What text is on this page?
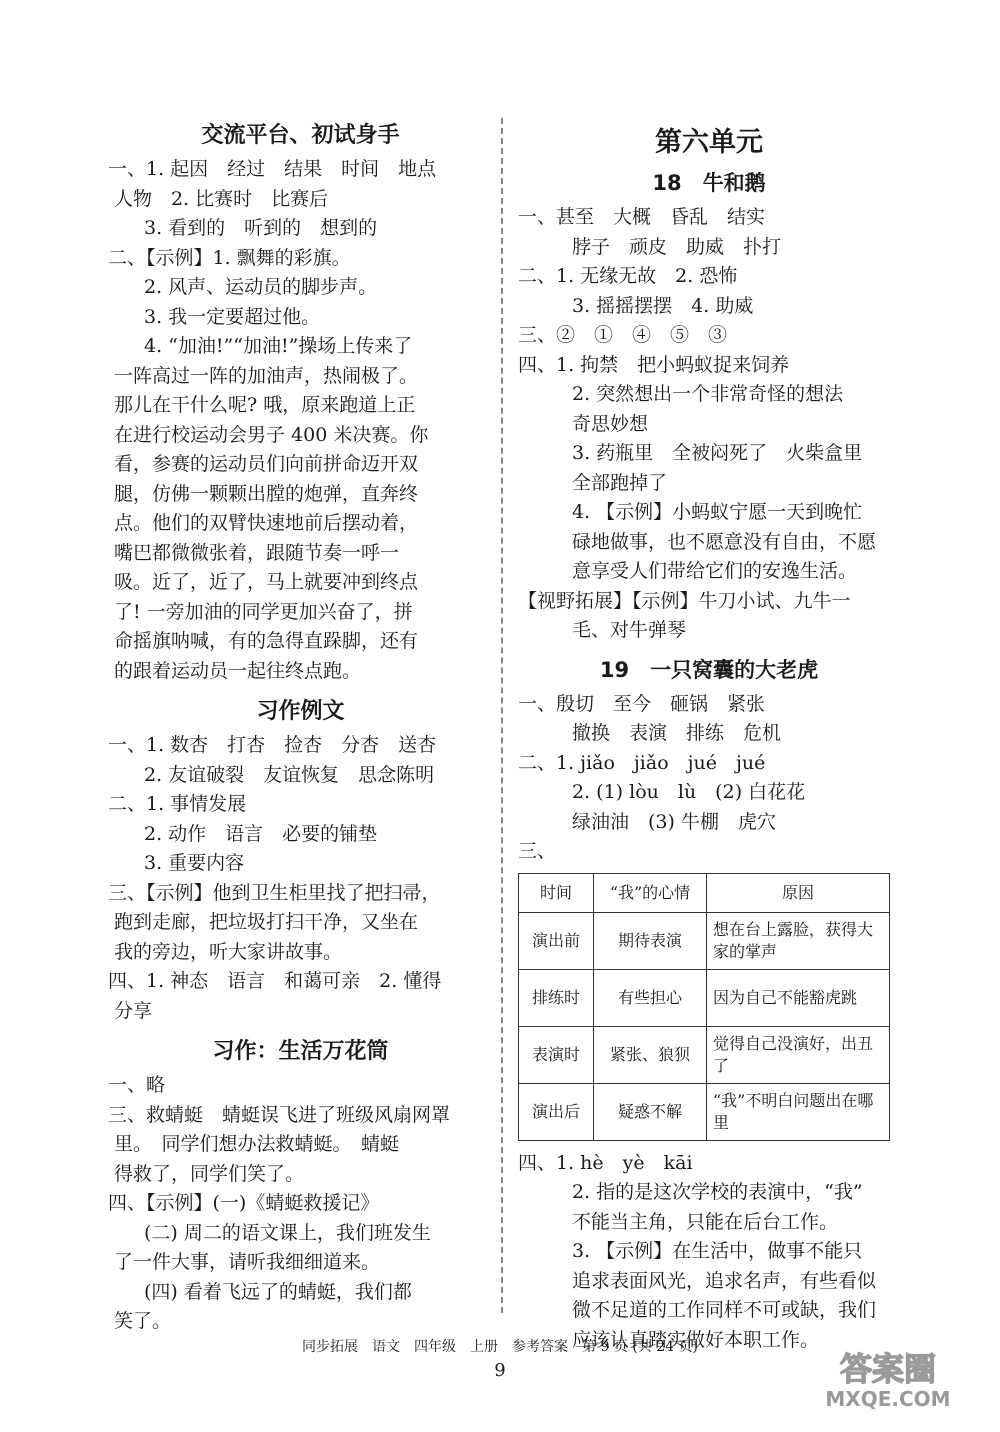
交流平台、初试身手
一、1. 起因　经过　结果　时间　地点
人物　2. 比赛时　比赛后
3. 看到的　听到的　想到的
二、【示例】1. 飘舞的彩旗。
2. 风声、运动员的脚步声。
3. 我一定要超过他。
4. “加油!”“加油!”操场上传来了
一阵高过一阵的加油声，热闹极了。
那儿在干什么呢? 哦，原来跑道上正
在进行校运动会男子 400 米决赛。你
看，参赛的运动员们向前拼命迈开双
腿，仿佛一颗颗出膛的炮弹，直奔终
点。他们的双臂快速地前后摆动着，
嘴巴都微微张着，跟随节奏一呼一
吸。近了，近了，马上就要冲到终点
了! 一旁加油的同学更加兴奋了，拼
命摇旗呐喊，有的急得直跺脚，还有
的跟着运动员一起往终点跑。
习作例文
一、1. 数杏　打杏　捡杏　分杏　送杏
2. 友谊破裂　友谊恢复　思念陈明
二、1. 事情发展
2. 动作　语言　必要的铺垫
3. 重要内容
三、【示例】他到卫生柜里找了把扫帚，
跑到走廊，把垃圾打扫干净，又坐在
我的旁边，听大家讲故事。
四、1. 神态　语言　和蔼可亲　2. 懂得
分享
习作：生活万花筒
一、略
三、救蜻蜓　蜻蜓误飞进了班级风扇网罩
里。　同学们想办法救蜻蜓。　蜻蜓
得救了，同学们笑了。
四、【示例】(一)《蜻蜓救援记》
(二) 周二的语文课上，我们班发生
了一件大事，请听我细细道来。
(四) 看着飞远了的蜻蜓，我们都
笑了。
第六单元
18　牛和鹅
一、甚至　大概　昏乱　结实
脖子　顽皮　助威　扑打
二、1. 无缘无故　2. 恐怖
3. 摇摇摆摆　4. 助威
三、②　①　④　⑤　③
四、1. 拘禁　把小蚂蚁捉来饲养
2. 突然想出一个非常奇怪的想法
奇思妙想
3. 药瓶里　全被闷死了　火柴盒里
全部跑掉了
4. 【示例】小蚂蚁宁愿一天到晚忙
碌地做事，也不愿意没有自由，不愿
意享受人们带给它们的安逸生活。
【视野拓展】【示例】牛刀小试、九牛一
毛、对牛弹琴
19　一只窝囊的大老虎
一、殷切　至今　砸锅　紧张
撤换　表演　排练　危机
二、1. jiǎo　jiǎo　jué　jué
2. (1) lòu　lù　(2) 白花花
绿油油　(3) 牛棚　虎穴
三、
时间	“我”的心情	原因
演出前	期待表演	想在台上露脸，获得大家的掌声
排练时	有些担心	因为自己不能豁虎跳
表演时	紧张、狼狈	觉得自己没演好，出丑了
演出后	疑惑不解	“我”不明白问题出在哪里
四、1. hè　yè　kāi
2. 指的是这次学校的表演中，“我”
不能当主角，只能在后台工作。
3. 【示例】在生活中，做事不能只
追求表面风光，追求名声，有些看似
微不足道的工作同样不可或缺，我们
应该认真踏实做好本职工作。
同步拓展　语文　四年级　上册　参考答案　第 9 页 (共 24 页)
9	答案圈
MXQE.COM
